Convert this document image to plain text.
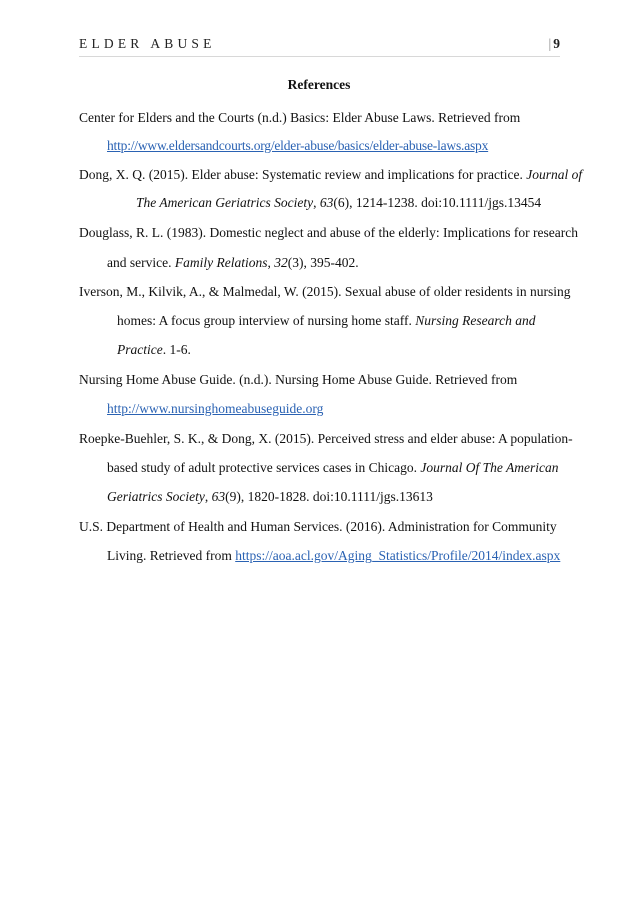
ELDER ABUSE	| 9
References
Center for Elders and the Courts (n.d.) Basics: Elder Abuse Laws. Retrieved from
http://www.eldersandcourts.org/elder-abuse/basics/elder-abuse-laws.aspx
Dong, X. Q. (2015). Elder abuse: Systematic review and implications for practice. Journal of
The American Geriatrics Society, 63(6), 1214-1238. doi:10.1111/jgs.13454
Douglass, R. L. (1983). Domestic neglect and abuse of the elderly: Implications for research
and service. Family Relations, 32(3), 395-402.
Iverson, M., Kilvik, A., & Malmedal, W. (2015). Sexual abuse of older residents in nursing
homes: A focus group interview of nursing home staff. Nursing Research and
Practice. 1-6.
Nursing Home Abuse Guide. (n.d.). Nursing Home Abuse Guide. Retrieved from
http://www.nursinghomeabuseguide.org
Roepke-Buehler, S. K., & Dong, X. (2015). Perceived stress and elder abuse: A population-
based study of adult protective services cases in Chicago. Journal Of The American
Geriatrics Society, 63(9), 1820-1828. doi:10.1111/jgs.13613
U.S. Department of Health and Human Services. (2016). Administration for Community
Living. Retrieved from https://aoa.acl.gov/Aging_Statistics/Profile/2014/index.aspx
